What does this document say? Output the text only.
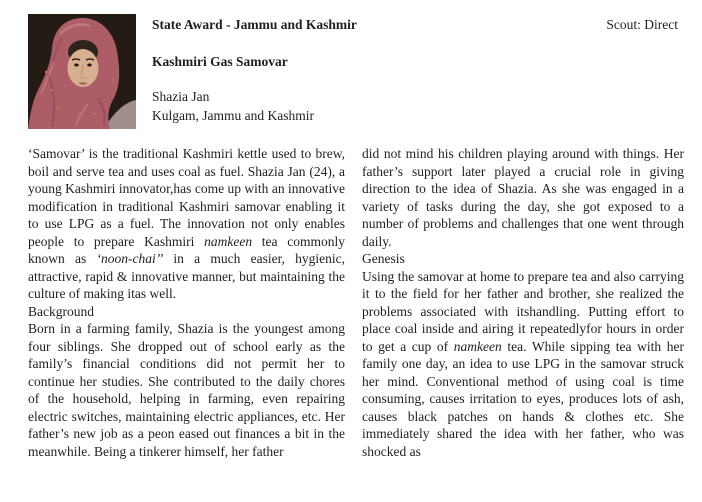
State Award - Jammu and Kashmir	Scout: Direct
Kashmiri Gas Samovar
Shazia Jan
Kulgam, Jammu and Kashmir

‘Samovar’ is the traditional Kashmiri kettle used to brew, boil and serve tea and uses coal as fuel. Shazia Jan (24), a young Kashmiri innovator,has come up with an innovative modification in traditional Kashmiri samovar enabling it to use LPG as a fuel. The innovation not only enables people to prepare Kashmiri namkeen tea commonly known as ‘noon-chai’’ in a much easier, hygienic, attractive, rapid & innovative manner, but maintaining the culture of making itas well.

Background

Born in a farming family, Shazia is the youngest among four siblings. She dropped out of school early as the family’s financial conditions did not permit her to continue her studies. She contributed to the daily chores of the household, helping in farming, even repairing electric switches, maintaining electric appliances, etc. Her father’s new job as a peon eased out finances a bit in the meanwhile. Being a tinkerer himself, her father

did not mind his children playing around with things. Her father’s support later played a crucial role in giving direction to the idea of Shazia. As she was engaged in a variety of tasks during the day, she got exposed to a number of problems and challenges that one went through daily.

Genesis

Using the samovar at home to prepare tea and also carrying it to the field for her father and brother, she realized the problems associated with itshandling. Putting effort to place coal inside and airing it repeatedlyfor hours in order to get a cup of namkeen tea. While sipping tea with her family one day, an idea to use LPG in the samovar struck her mind. Conventional method of using coal is time consuming, causes irritation to eyes, produces lots of ash, causes black patches on hands & clothes etc. She immediately shared the idea with her father, who was shocked as
